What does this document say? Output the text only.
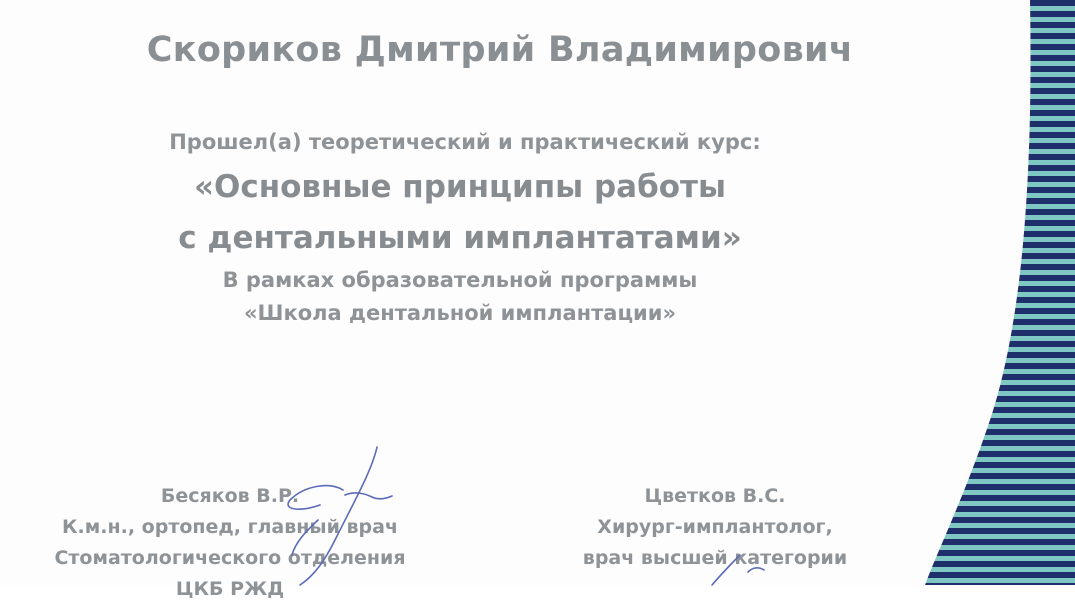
Скориков Дмитрий Владимирович
Прошел(а) теоретический и практический курс:
«Основные принципы работы
с дентальными имплантатами»
В рамках образовательной программы
«Школа дентальной имплантации»
Бесяков В.Р.
К.м.н., ортопед, главный врач
Стоматологического отделения
ЦКБ РЖД
Цветков В.С.
Хирург-имплантолог,
врач высшей категории
